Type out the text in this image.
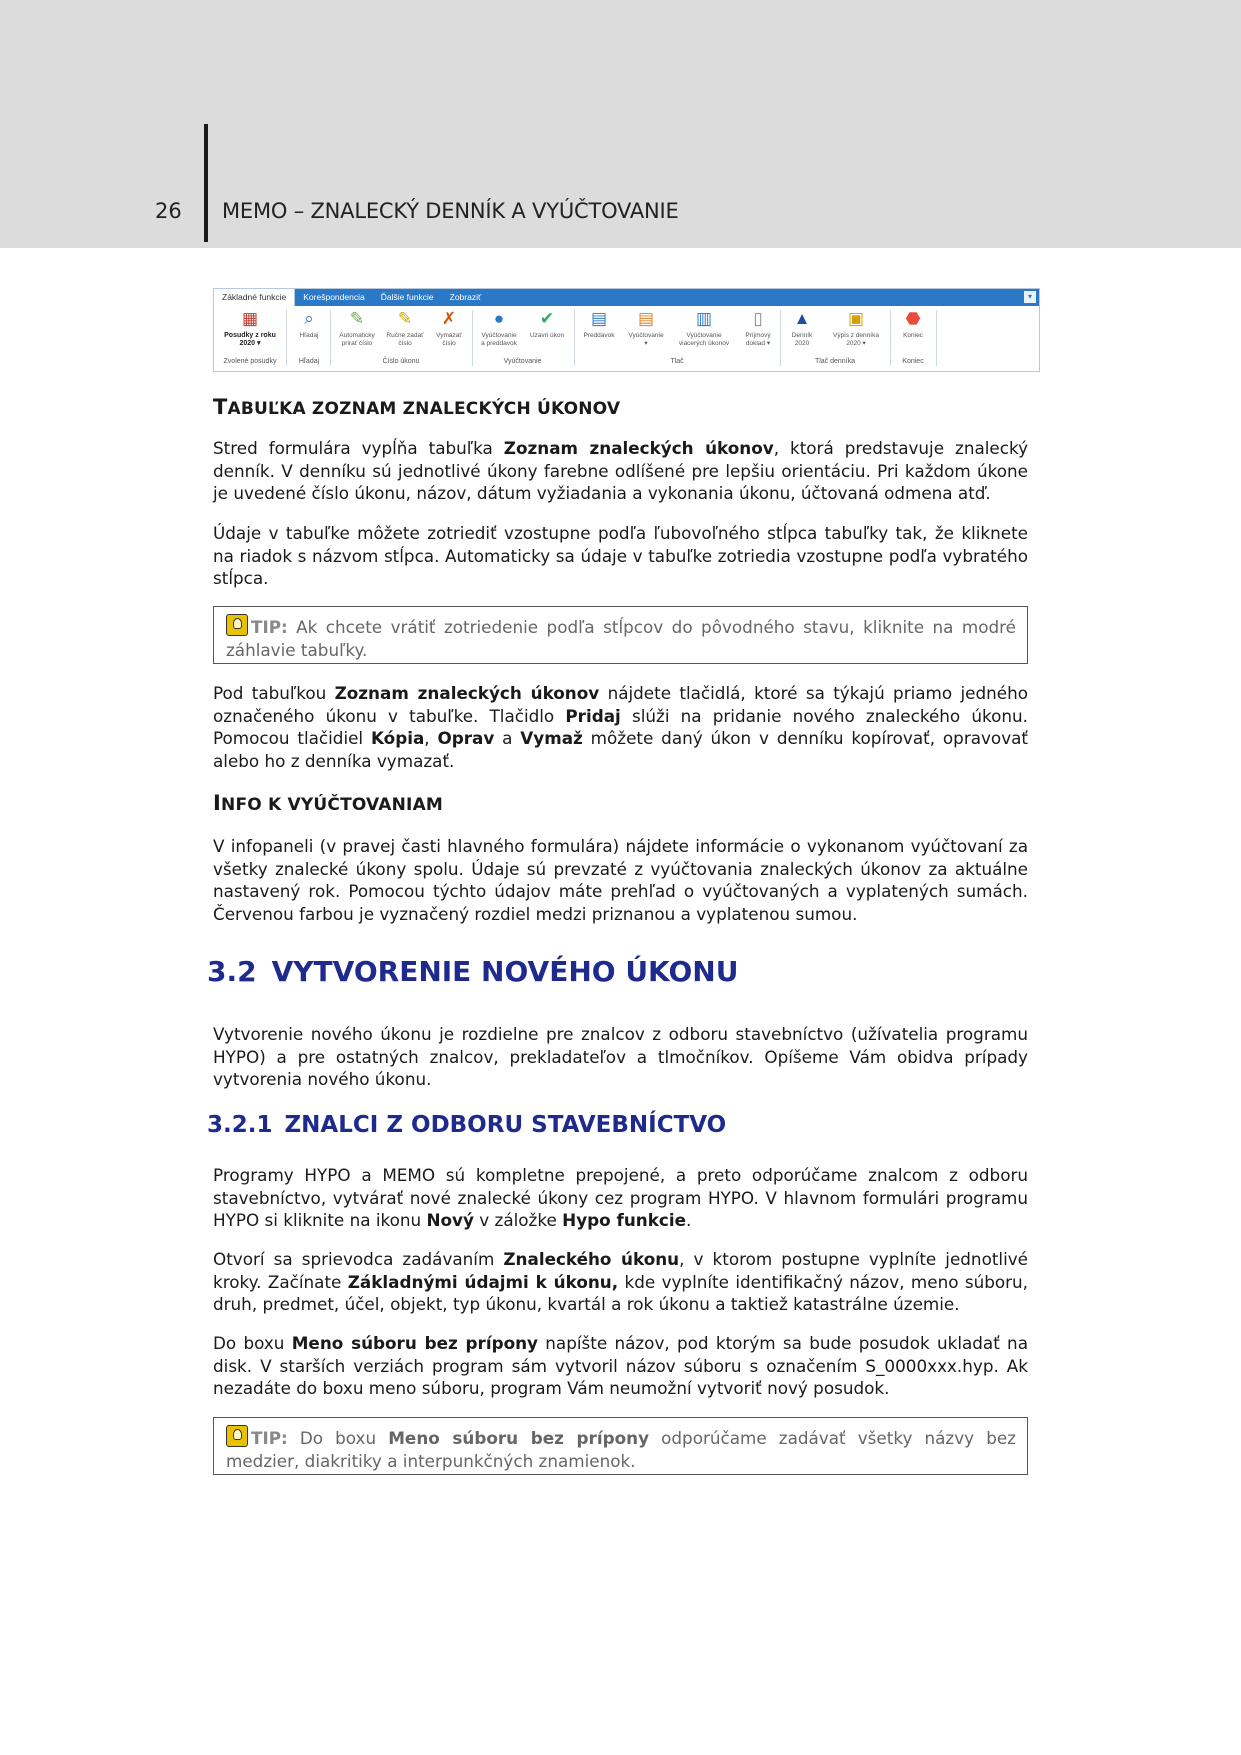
26 MEMO – ZNALECKÝ DENNÍK A VYÚČTOVANIE
Základné funkcie	Korešpondencia	Ďalšie funkcie	Zobraziť	▾
▦
Posudky z roku
2020 ▾
⌕
Hľadaj
✎
Automaticky
prirať číslo
✎
Ručne zadať
číslo
✗
Vymazať
číslo
●
Vyúčtovanie
a preddavok
✔
Uzavri úkon
▤
Preddavok
▤
Vyúčtovanie
▾
▥
Vyúčtovanie
viacerých úkonov
▯
Príjmový
doklad ▾
▲
Denník
2020
▣
Výpis z denníka
2020 ▾
⬣
Koniec
Zvolené posudky	Hľadaj	Číslo úkonu	Vyúčtovanie	Tlač	Tlač denníka	Koniec
TABUĽKA ZOZNAM ZNALECKÝCH ÚKONOV
Stred formulára vypĺňa tabuľka Zoznam znaleckých úkonov, ktorá predstavuje znalecký denník. V denníku sú jednotlivé úkony farebne odlíšené pre lepšiu orientáciu. Pri každom úkone je uvedené číslo úkonu, názov, dátum vyžiadania a vykonania úkonu, účtovaná odmena atď.
Údaje v tabuľke môžete zotriediť vzostupne podľa ľubovoľného stĺpca tabuľky tak, že kliknete na riadok s názvom stĺpca. Automaticky sa údaje v tabuľke zotriedia vzostupne podľa vybratého stĺpca.
TIP: Ak chcete vrátiť zotriedenie podľa stĺpcov do pôvodného stavu, kliknite na modré záhlavie tabuľky.
Pod tabuľkou Zoznam znaleckých úkonov nájdete tlačidlá, ktoré sa týkajú priamo jedného označeného úkonu v tabuľke. Tlačidlo Pridaj slúži na pridanie nového znaleckého úkonu. Pomocou tlačidiel Kópia, Oprav a Vymaž môžete daný úkon v denníku kopírovať, opravovať alebo ho z denníka vymazať.
INFO K VYÚČTOVANIAM
V infopaneli (v pravej časti hlavného formulára) nájdete informácie o vykonanom vyúčtovaní za všetky znalecké úkony spolu. Údaje sú prevzaté z vyúčtovania znaleckých úkonov za aktuálne nastavený rok. Pomocou týchto údajov máte prehľad o vyúčtovaných a vyplatených sumách. Červenou farbou je vyznačený rozdiel medzi priznanou a vyplatenou sumou.
3.2 VYTVORENIE NOVÉHO ÚKONU
Vytvorenie nového úkonu je rozdielne pre znalcov z odboru stavebníctvo (užívatelia programu HYPO) a pre ostatných znalcov, prekladateľov a tlmočníkov. Opíšeme Vám obidva prípady vytvorenia nového úkonu.
3.2.1 ZNALCI Z ODBORU STAVEBNÍCTVO
Programy HYPO a MEMO sú kompletne prepojené, a preto odporúčame znalcom z odboru stavebníctvo, vytvárať nové znalecké úkony cez program HYPO. V hlavnom formulári programu HYPO si kliknite na ikonu Nový v záložke Hypo funkcie.
Otvorí sa sprievodca zadávaním Znaleckého úkonu, v ktorom postupne vyplníte jednotlivé kroky. Začínate Základnými údajmi k úkonu, kde vyplníte identifikačný názov, meno súboru, druh, predmet, účel, objekt, typ úkonu, kvartál a rok úkonu a taktiež katastrálne územie.
Do boxu Meno súboru bez prípony napíšte názov, pod ktorým sa bude posudok ukladať na disk. V starších verziách program sám vytvoril názov súboru s označením S_0000xxx.hyp. Ak nezadáte do boxu meno súboru, program Vám neumožní vytvoriť nový posudok.
TIP: Do boxu Meno súboru bez prípony odporúčame zadávať všetky názvy bez medzier, diakritiky a interpunkčných znamienok.
